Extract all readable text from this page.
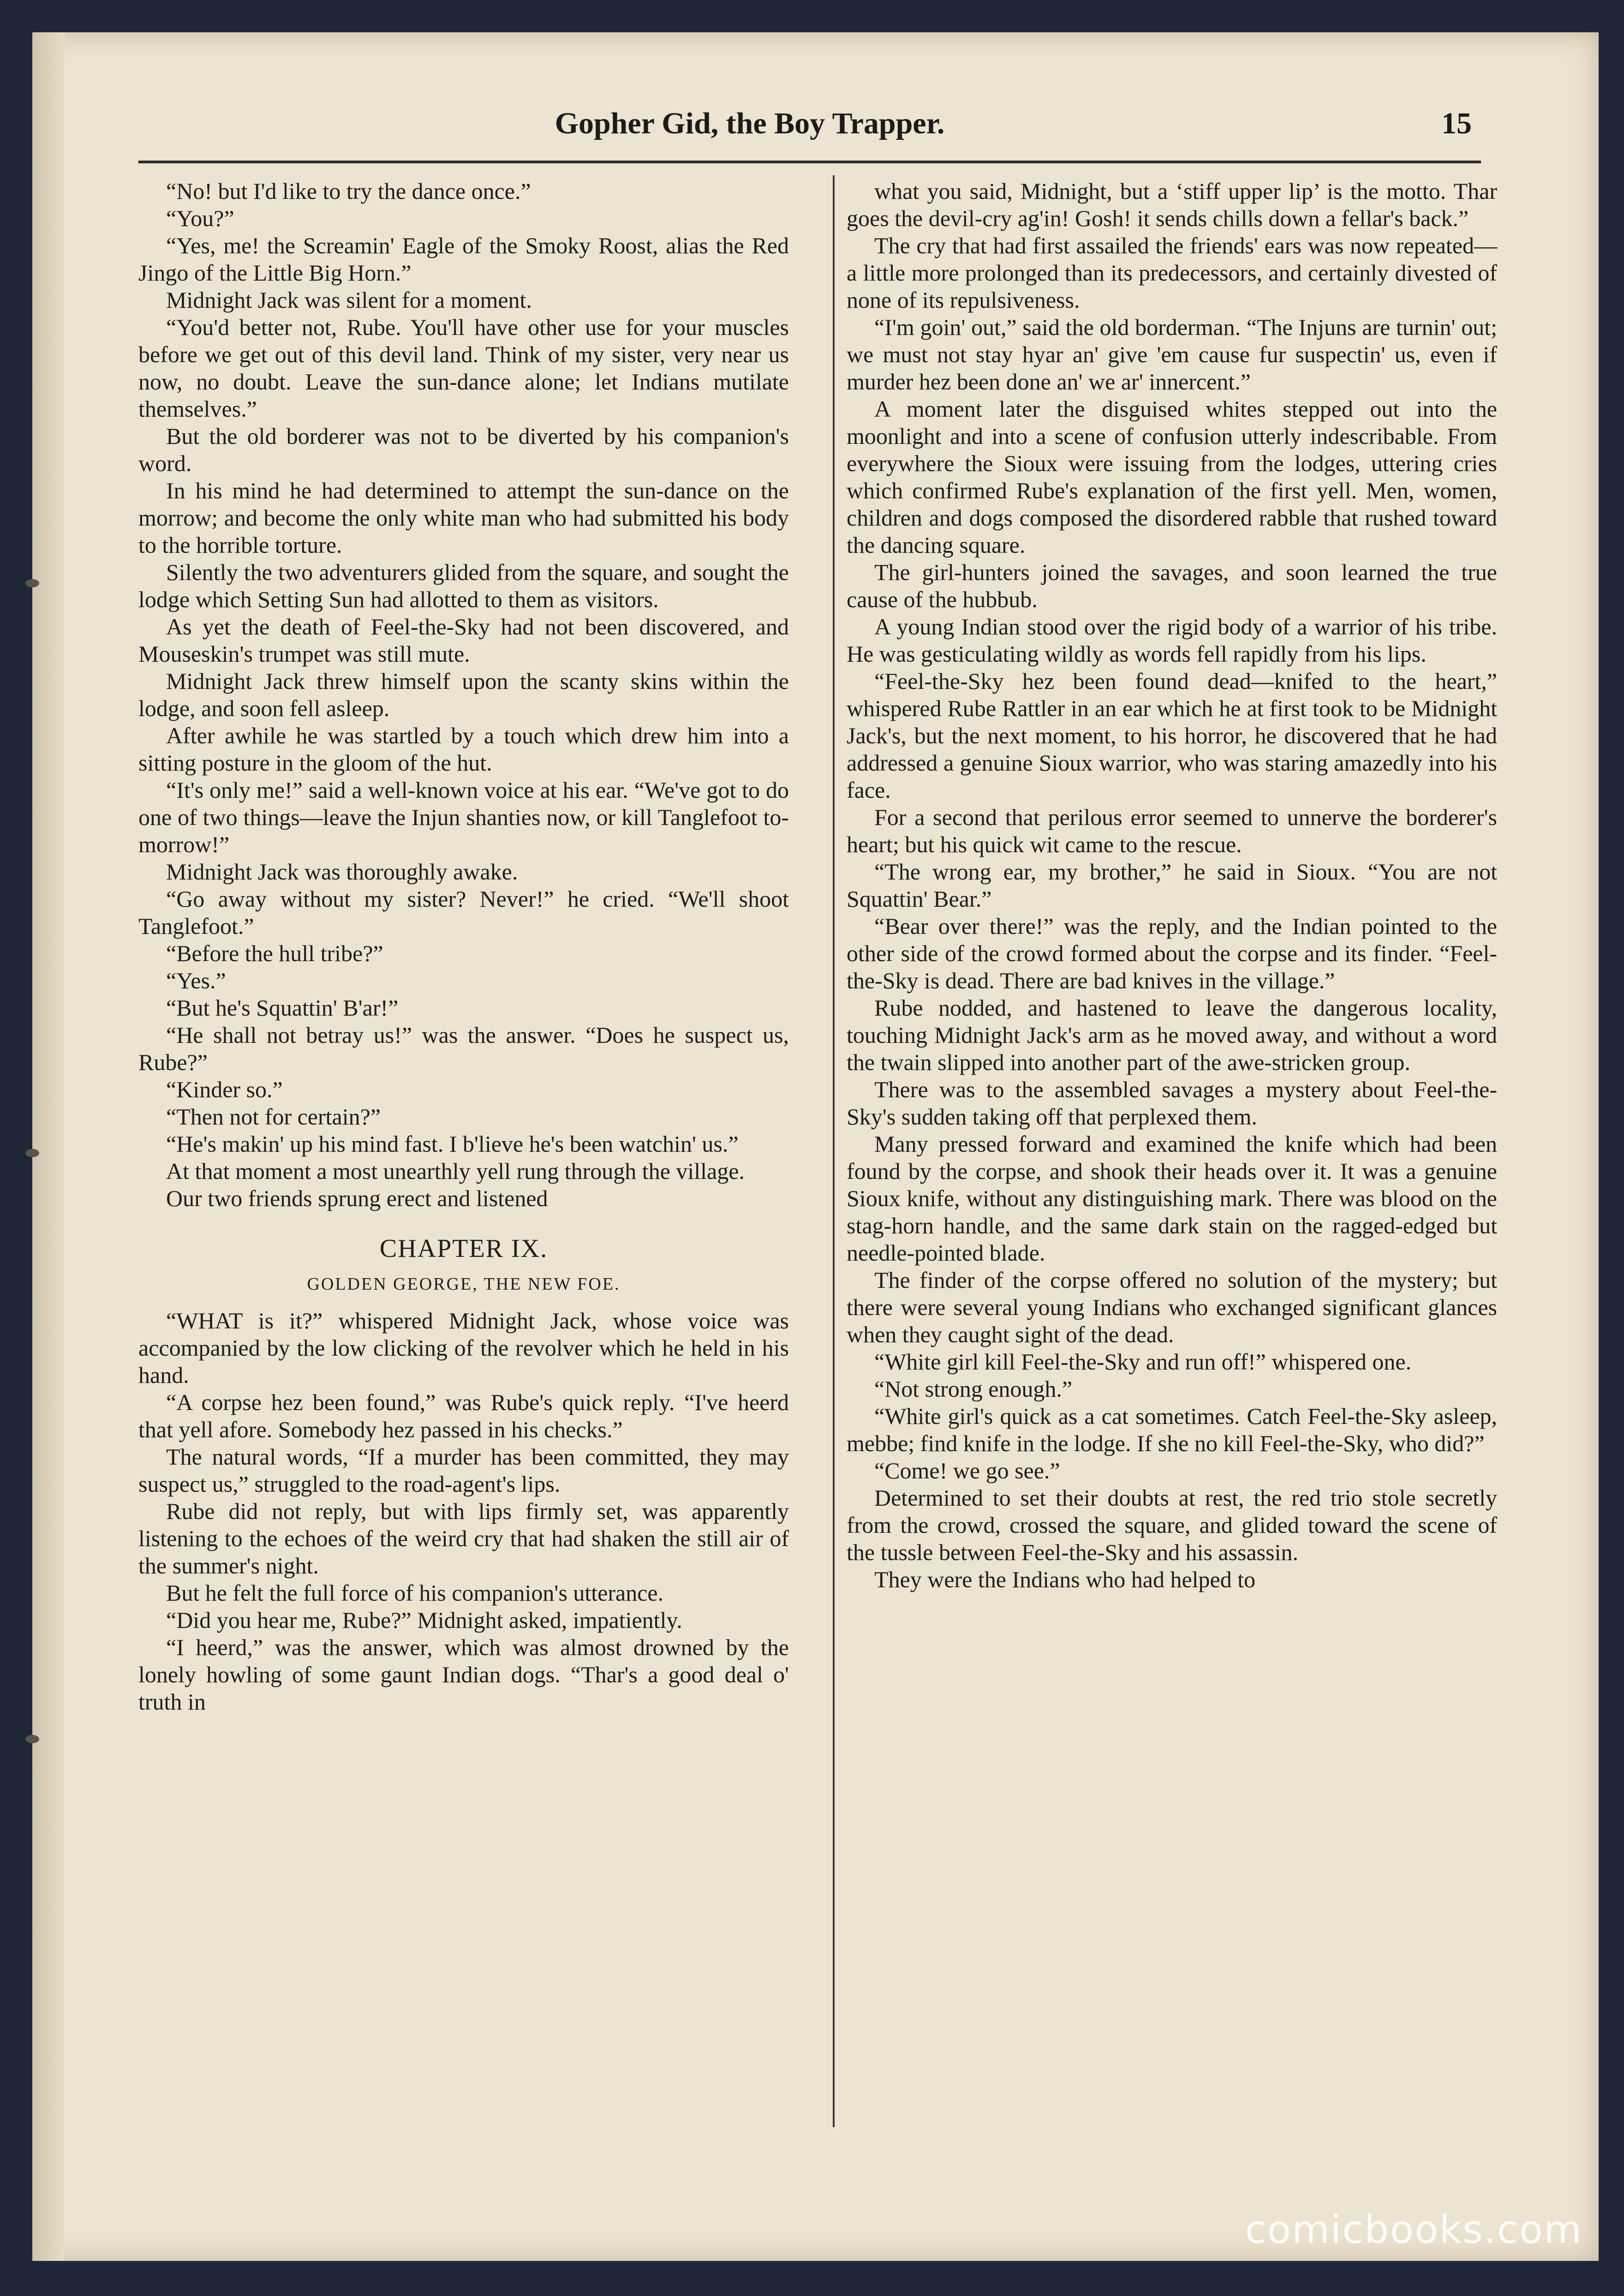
Gopher Gid, the Boy Trapper.	15

“No! but I'd like to try the dance once.”

“You?”

“Yes, me! the Screamin' Eagle of the Smoky Roost, alias the Red Jingo of the Little Big Horn.”

Midnight Jack was silent for a moment.

“You'd better not, Rube. You'll have other use for your muscles before we get out of this devil land. Think of my sister, very near us now, no doubt. Leave the sun-dance alone; let Indians mutilate themselves.”

But the old borderer was not to be diverted by his companion's word.

In his mind he had determined to attempt the sun-dance on the morrow; and become the only white man who had submitted his body to the horrible torture.

Silently the two adventurers glided from the square, and sought the lodge which Setting Sun had allotted to them as visitors.

As yet the death of Feel-the-Sky had not been discovered, and Mouseskin's trumpet was still mute.

Midnight Jack threw himself upon the scanty skins within the lodge, and soon fell asleep.

After awhile he was startled by a touch which drew him into a sitting posture in the gloom of the hut.

“It's only me!” said a well-known voice at his ear. “We've got to do one of two things—leave the Injun shanties now, or kill Tanglefoot to-morrow!”

Midnight Jack was thoroughly awake.

“Go away without my sister? Never!” he cried. “We'll shoot Tanglefoot.”

“Before the hull tribe?”

“Yes.”

“But he's Squattin' B'ar!”

“He shall not betray us!” was the answer. “Does he suspect us, Rube?”

“Kinder so.”

“Then not for certain?”

“He's makin' up his mind fast. I b'lieve he's been watchin' us.”

At that moment a most unearthly yell rung through the village.

Our two friends sprung erect and listened

CHAPTER IX.
GOLDEN GEORGE, THE NEW FOE.

“WHAT is it?” whispered Midnight Jack, whose voice was accompanied by the low clicking of the revolver which he held in his hand.

“A corpse hez been found,” was Rube's quick reply. “I've heerd that yell afore. Somebody hez passed in his checks.”

The natural words, “If a murder has been committed, they may suspect us,” struggled to the road-agent's lips.

Rube did not reply, but with lips firmly set, was apparently listening to the echoes of the weird cry that had shaken the still air of the summer's night.

But he felt the full force of his companion's utterance.

“Did you hear me, Rube?” Midnight asked, impatiently.

“I heerd,” was the answer, which was almost drowned by the lonely howling of some gaunt Indian dogs. “Thar's a good deal o' truth in

what you said, Midnight, but a ‘stiff upper lip’ is the motto. Thar goes the devil-cry ag'in! Gosh! it sends chills down a fellar's back.”

The cry that had first assailed the friends' ears was now repeated—a little more prolonged than its predecessors, and certainly divested of none of its repulsiveness.

“I'm goin' out,” said the old borderman. “The Injuns are turnin' out; we must not stay hyar an' give 'em cause fur suspectin' us, even if murder hez been done an' we ar' innercent.”

A moment later the disguised whites stepped out into the moonlight and into a scene of confusion utterly indescribable. From everywhere the Sioux were issuing from the lodges, uttering cries which confirmed Rube's explanation of the first yell. Men, women, children and dogs composed the disordered rabble that rushed toward the dancing square.

The girl-hunters joined the savages, and soon learned the true cause of the hubbub.

A young Indian stood over the rigid body of a warrior of his tribe. He was gesticulating wildly as words fell rapidly from his lips.

“Feel-the-Sky hez been found dead—knifed to the heart,” whispered Rube Rattler in an ear which he at first took to be Midnight Jack's, but the next moment, to his horror, he discovered that he had addressed a genuine Sioux warrior, who was staring amazedly into his face.

For a second that perilous error seemed to unnerve the borderer's heart; but his quick wit came to the rescue.

“The wrong ear, my brother,” he said in Sioux. “You are not Squattin' Bear.”

“Bear over there!” was the reply, and the Indian pointed to the other side of the crowd formed about the corpse and its finder. “Feel-the-Sky is dead. There are bad knives in the village.”

Rube nodded, and hastened to leave the dangerous locality, touching Midnight Jack's arm as he moved away, and without a word the twain slipped into another part of the awe-stricken group.

There was to the assembled savages a mystery about Feel-the-Sky's sudden taking off that perplexed them.

Many pressed forward and examined the knife which had been found by the corpse, and shook their heads over it. It was a genuine Sioux knife, without any distinguishing mark. There was blood on the stag-horn handle, and the same dark stain on the ragged-edged but needle-pointed blade.

The finder of the corpse offered no solution of the mystery; but there were several young Indians who exchanged significant glances when they caught sight of the dead.

“White girl kill Feel-the-Sky and run off!” whispered one.

“Not strong enough.”

“White girl's quick as a cat sometimes. Catch Feel-the-Sky asleep, mebbe; find knife in the lodge. If she no kill Feel-the-Sky, who did?”

“Come! we go see.”

Determined to set their doubts at rest, the red trio stole secretly from the crowd, crossed the square, and glided toward the scene of the tussle between Feel-the-Sky and his assassin.

They were the Indians who had helped to

comicbooks.com
